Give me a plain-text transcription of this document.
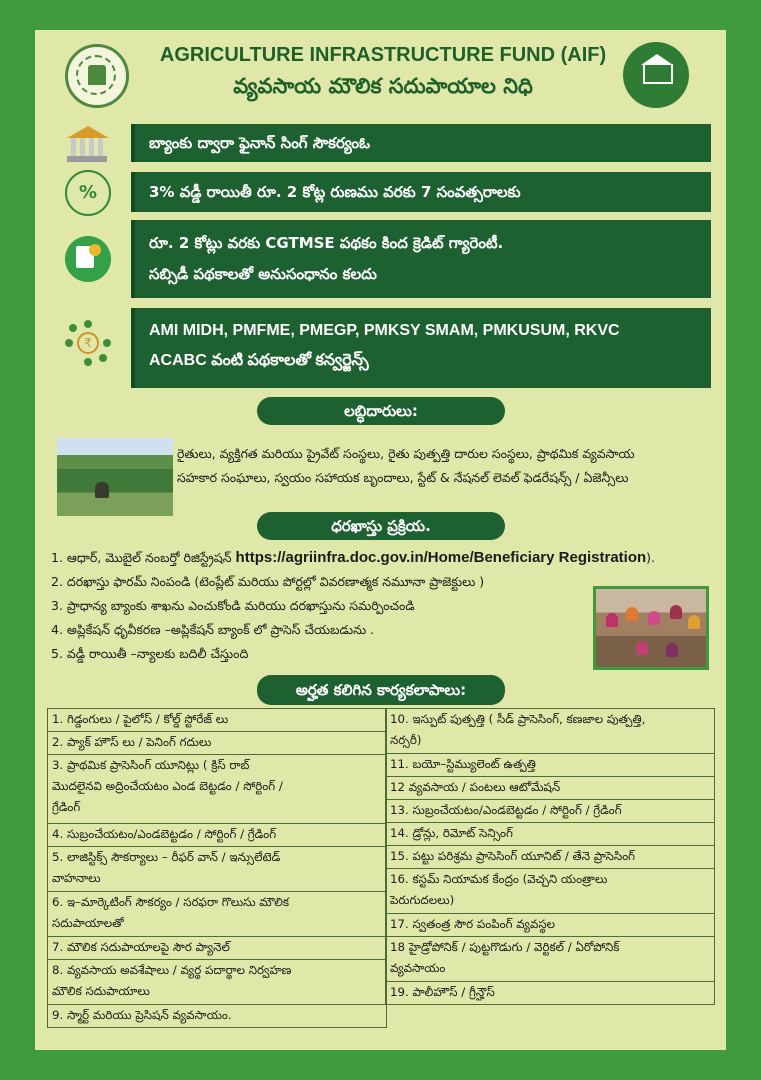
AGRICULTURE INFRASTRUCTURE FUND (AIF)
వ్యవసాయ మౌలిక సదుపాయాల నిధి
%
₹
బ్యాంకు ద్వారా ఫైనాన్ సింగ్ సౌకర్యంఓ
3% వడ్డీ రాయితీ రూ. 2 కోట్ల రుణము వరకు 7 సంవత్సరాలకు
రూ. 2 కోట్లు వరకు CGTMSE పథకం కింద క్రెడిట్ గ్యారెంటీ.
సబ్సిడీ పథకాలతో అనుసంధానం కలదు
AMI MIDH, PMFME, PMEGP, PMKSY SMAM, PMKUSUM, RKVC
ACABC వంటి పథకాలతో కన్వర్జెన్స్
లబ్ధిదారులు:
రైతులు, వ్యక్తిగత మరియు ప్రైవేట్ సంస్థలు, రైతు పుత్పత్తి దారుల సంస్థలు, ప్రాథమిక వ్యవసాయ
సహకార సంఘాలు, స్వయం సహాయక బృందాలు, స్టేట్ & నేషనల్ లెవల్ ఫెడరేషన్స్ / ఏజెన్సీలు
ధరఖాస్తు ప్రక్రియ.
1. ఆధార్, మొబైల్ నంబర్తో రిజిస్ట్రేషన్ https://agriinfra.doc.gov.in/Home/Beneficiary Registration).
2. దరఖాస్తు ఫారమ్ నింపండి (టెంప్లేట్ మరియు పోర్టల్లో వివరణాత్మక నమూనా ప్రాజెక్టులు )
3. ప్రాధాన్య బ్యాంకు శాఖను ఎంచుకోండి మరియు దరఖాస్తును సమర్పించండి
4. అప్లికేషన్ ధృవీకరణ –అప్లికేషన్ బ్యాంక్ లో ప్రాసెస్ చేయబడును .
5. వడ్డీ రాయితీ –న్యాలకు బదిలీ చేస్తుంది
అర్హత కలిగిన కార్యకలాపాలు:
1. గిడ్డంగులు / పైలోస్ / కోల్డ్ స్టోరేజ్ లు
2. ప్యాక్ హౌస్ లు / పెనింగ్ గదులు

3. ప్రాథమిక ప్రాసెసింగ్ యూనిట్లు ( క్రిస్ రాబ్
మొదలైనవి అద్రించేయటం ఎండ బెట్టడం / సోర్టింగ్ /
గ్రేడింగ్

4. సుబ్రంచేయటం/ఎండబెట్టడం / సోర్టింగ్ / గ్రేడింగ్

5. లాజిస్టిక్స్ సౌకర్యాలు – రీఫర్ వాన్ / ఇన్సులేటెడ్
వాహనాలు

6. ఇ–మార్కెటింగ్ సౌకర్యం / సరఫరా గొలుసు మౌలిక
సదుపాయాలతో

7. మౌలిక సదుపాయాలపై సౌర ప్యానెల్

8. వ్యవసాయ అవశేషాలు / వ్యర్థ పదార్థాల నిర్వహణ
మౌలిక సదుపాయాలు

9. స్మార్ట్ మరియు ప్రెసిషన్ వ్యవసాయం.
10. ఇస్పుట్ పుత్పత్తి ( సీడ్ ప్రాసెసింగ్, కణజాల పుత్పత్తి,
నర్సరీ)

11. బయో–స్టిమ్యులెంట్ ఉత్పత్తి
12 వ్యవసాయ / పంటలు ఆటోమేషన్
13. సుబ్రంచేయటం/ఎండబెట్టడం / సోర్టింగ్ / గ్రేడింగ్
14. డ్రోన్లు, రిమోట్ సెన్సింగ్
15. పట్టు పరిశ్రమ ప్రాసెసింగ్ యూనిట్ / తేనె ప్రాసెసింగ్

16. కస్టమ్ నియామక కేంద్రం (వెచ్చని యంత్రాలు
పెరుగుదలలు)

17. స్వతంత్ర సౌర పంపింగ్ వ్యవస్థల

18 హైడ్రోపోనిక్ / పుట్టగొడుగు / వెర్టికల్ / ఏరోపోనిక్
వ్యవసాయం

19. పాలీహౌస్ / గ్రీన్హౌస్
